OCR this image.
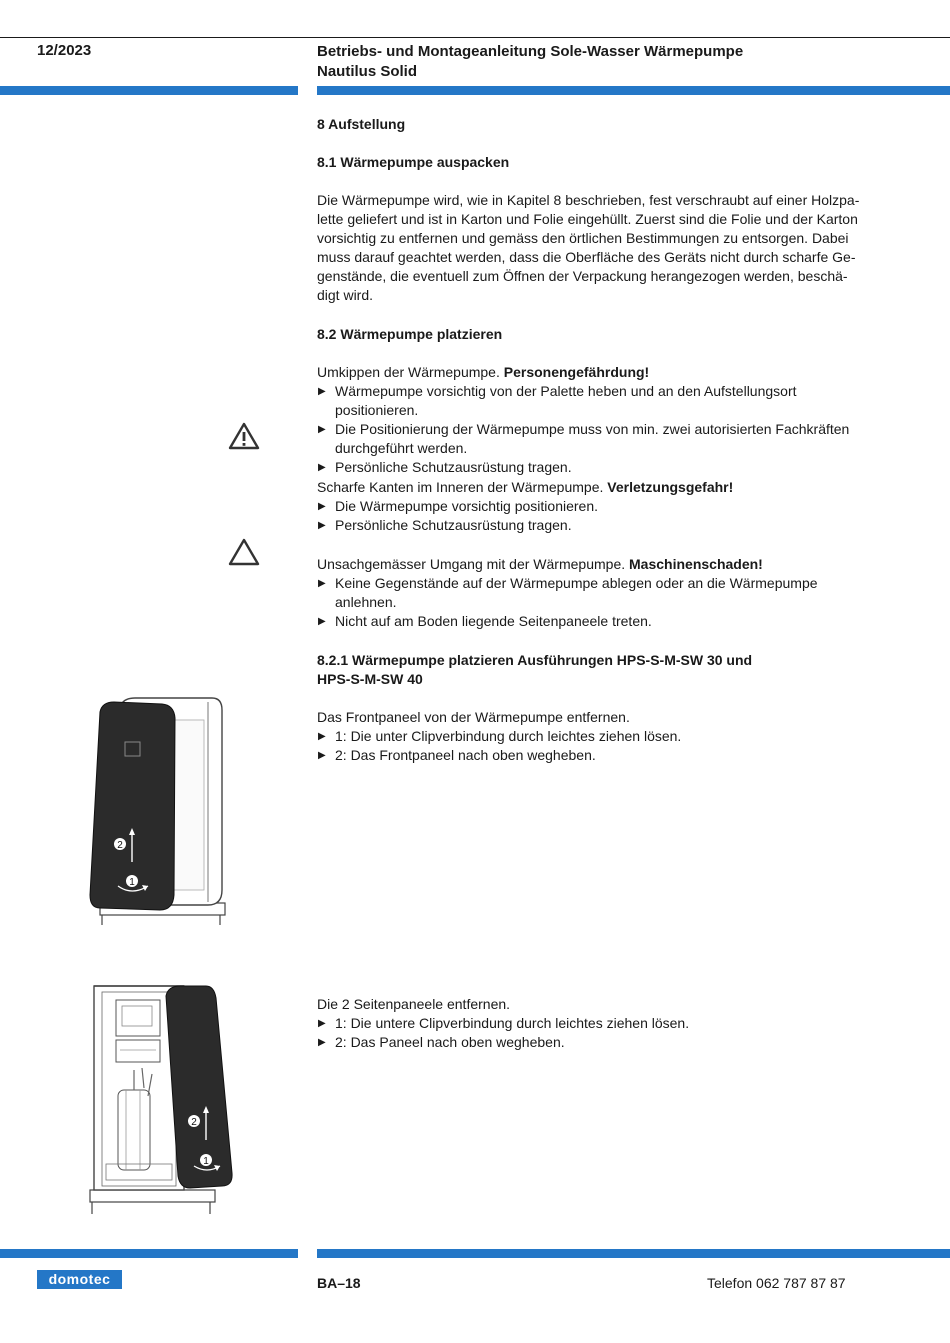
12/2023	Betriebs- und Montageanleitung Sole-Wasser Wärmepumpe
Nautilus Solid
8 Aufstellung
8.1 Wärmepumpe auspacken
Die Wärmepumpe wird, wie in Kapitel 8 beschrieben, fest verschraubt auf einer Holzpa-
lette geliefert und ist in Karton und Folie eingehüllt. Zuerst sind die Folie und der Karton
vorsichtig zu entfernen und gemäss den örtlichen Bestimmungen zu entsorgen. Dabei
muss darauf geachtet werden, dass die Oberfläche des Geräts nicht durch scharfe Ge-
genstände, die eventuell zum Öffnen der Verpackung herangezogen werden, beschä-
digt wird.
8.2 Wärmepumpe platzieren
Umkippen der Wärmepumpe. Personengefährdung!
▶ Wärmepumpe vorsichtig von der Palette heben und an den Aufstellungsort positionieren.
▶ Die Positionierung der Wärmepumpe muss von min. zwei autorisierten Fachkräften
durchgeführt werden.
▶ Persönliche Schutzausrüstung tragen.
Scharfe Kanten im Inneren der Wärmepumpe. Verletzungsgefahr!
▶ Die Wärmepumpe vorsichtig positionieren.
▶ Persönliche Schutzausrüstung tragen.
Unsachgemässer Umgang mit der Wärmepumpe. Maschinenschaden!
▶ Keine Gegenstände auf der Wärmepumpe ablegen oder an die Wärmepumpe anlehnen.
▶ Nicht auf am Boden liegende Seitenpaneele treten.
8.2.1 Wärmepumpe platzieren Ausführungen HPS-S-M-SW 30 und
HPS-S-M-SW 40
Das Frontpaneel von der Wärmepumpe entfernen.
▶ 1: Die unter Clipverbindung durch leichtes ziehen lösen.
▶ 2: Das Frontpaneel nach oben wegheben.
2
1
Die 2 Seitenpaneele entfernen.
▶ 1: Die untere Clipverbindung durch leichtes ziehen lösen.
▶ 2: Das Paneel nach oben wegheben.
2
1
domotec	BA–18	Telefon 062 787 87 87
